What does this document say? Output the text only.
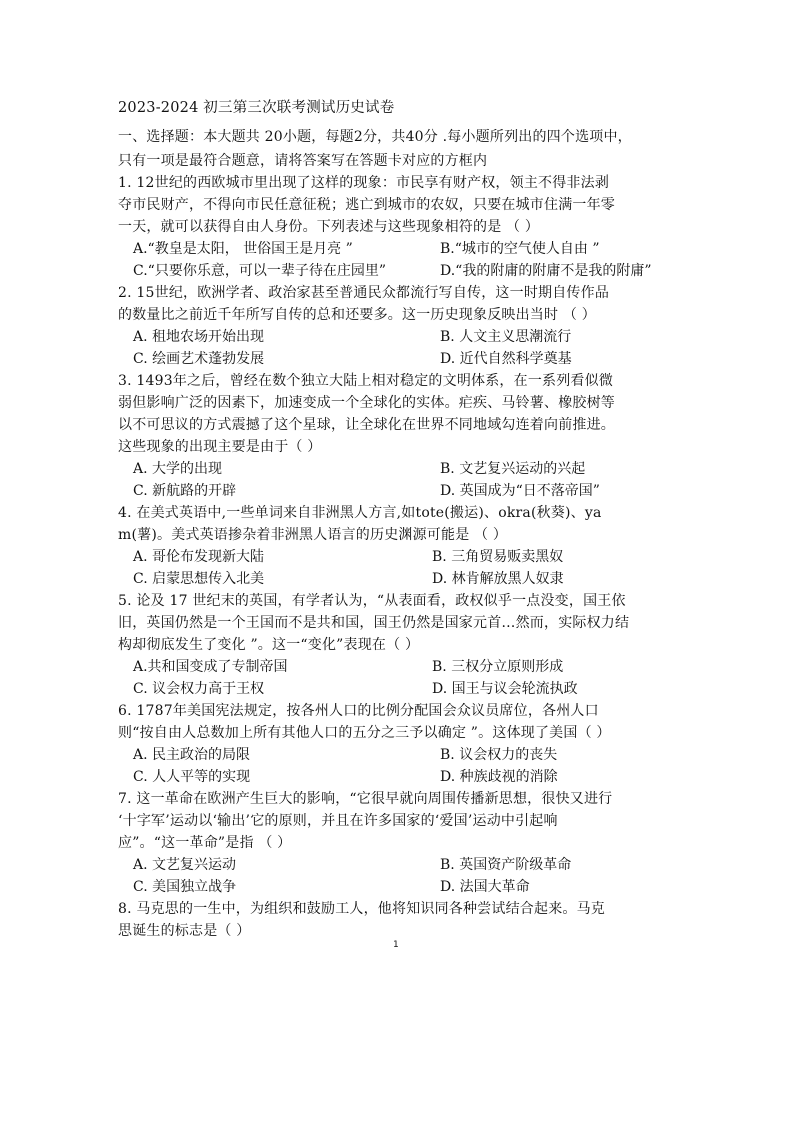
2023-2024 初三第三次联考测试历史试卷
一、选择题：本大题共 20小题，每题2分，共40分 .每小题所列出的四个选项中，
只有一项是最符合题意，请将答案写在答题卡对应的方框内
1. 12世纪的西欧城市里出现了这样的现象：市民享有财产权，领主不得非法剥
夺市民财产，不得向市民任意征税；逃亡到城市的农奴，只要在城市住满一年零
一天，就可以获得自由人身份。下列表述与这些现象相符的是 （ ）
A.“教皇是太阳， 世俗国王是月亮 ”	B.“城市的空气使人自由 ”
C.“只要你乐意，可以一辈子待在庄园里”	D.“我的附庸的附庸不是我的附庸”
2. 15世纪，欧洲学者、政治家甚至普通民众都流行写自传，这一时期自传作品
的数量比之前近千年所写自传的总和还要多。这一历史现象反映出当时 （ ）
A. 租地农场开始出现	B. 人文主义思潮流行
C. 绘画艺术蓬勃发展	D. 近代自然科学奠基
3. 1493年之后，曾经在数个独立大陆上相对稳定的文明体系，在一系列看似微
弱但影响广泛的因素下，加速变成一个全球化的实体。疟疾、马铃薯、橡胶树等
以不可思议的方式震撼了这个星球，让全球化在世界不同地域勾连着向前推进。
这些现象的出现主要是由于（ ）
A. 大学的出现	B. 文艺复兴运动的兴起
C. 新航路的开辟	D. 英国成为“日不落帝国”
4. 在美式英语中,一些单词来自非洲黑人方言,如tote(搬运)、okra(秋葵)、ya
m(薯)。美式英语掺杂着非洲黑人语言的历史渊源可能是 （ ）
A. 哥伦布发现新大陆	B. 三角贸易贩卖黑奴
C. 启蒙思想传入北美	D. 林肯解放黑人奴隶
5. 论及 17 世纪末的英国，有学者认为，“从表面看，政权似乎一点没变，国王依
旧，英国仍然是一个王国而不是共和国，国王仍然是国家元首…然而，实际权力结
构却彻底发生了变化 ”。这一“变化”表现在（ ）
A.共和国变成了专制帝国	B. 三权分立原则形成
C. 议会权力高于王权	D. 国王与议会轮流执政
6. 1787年美国宪法规定，按各州人口的比例分配国会众议员席位，各州人口
则“按自由人总数加上所有其他人口的五分之三予以确定 ”。这体现了美国（ ）
A. 民主政治的局限	B. 议会权力的丧失
C. 人人平等的实现	D. 种族歧视的消除
7. 这一革命在欧洲产生巨大的影响，“它很早就向周围传播新思想，很快又进行
‘十字军’运动以‘输出’它的原则，并且在许多国家的‘爱国’运动中引起响
应”。“这一革命”是指 （ ）
A. 文艺复兴运动	B. 英国资产阶级革命
C. 美国独立战争	D. 法国大革命
8. 马克思的一生中，为组织和鼓励工人，他将知识同各种尝试结合起来。马克
思诞生的标志是（ ）
1
